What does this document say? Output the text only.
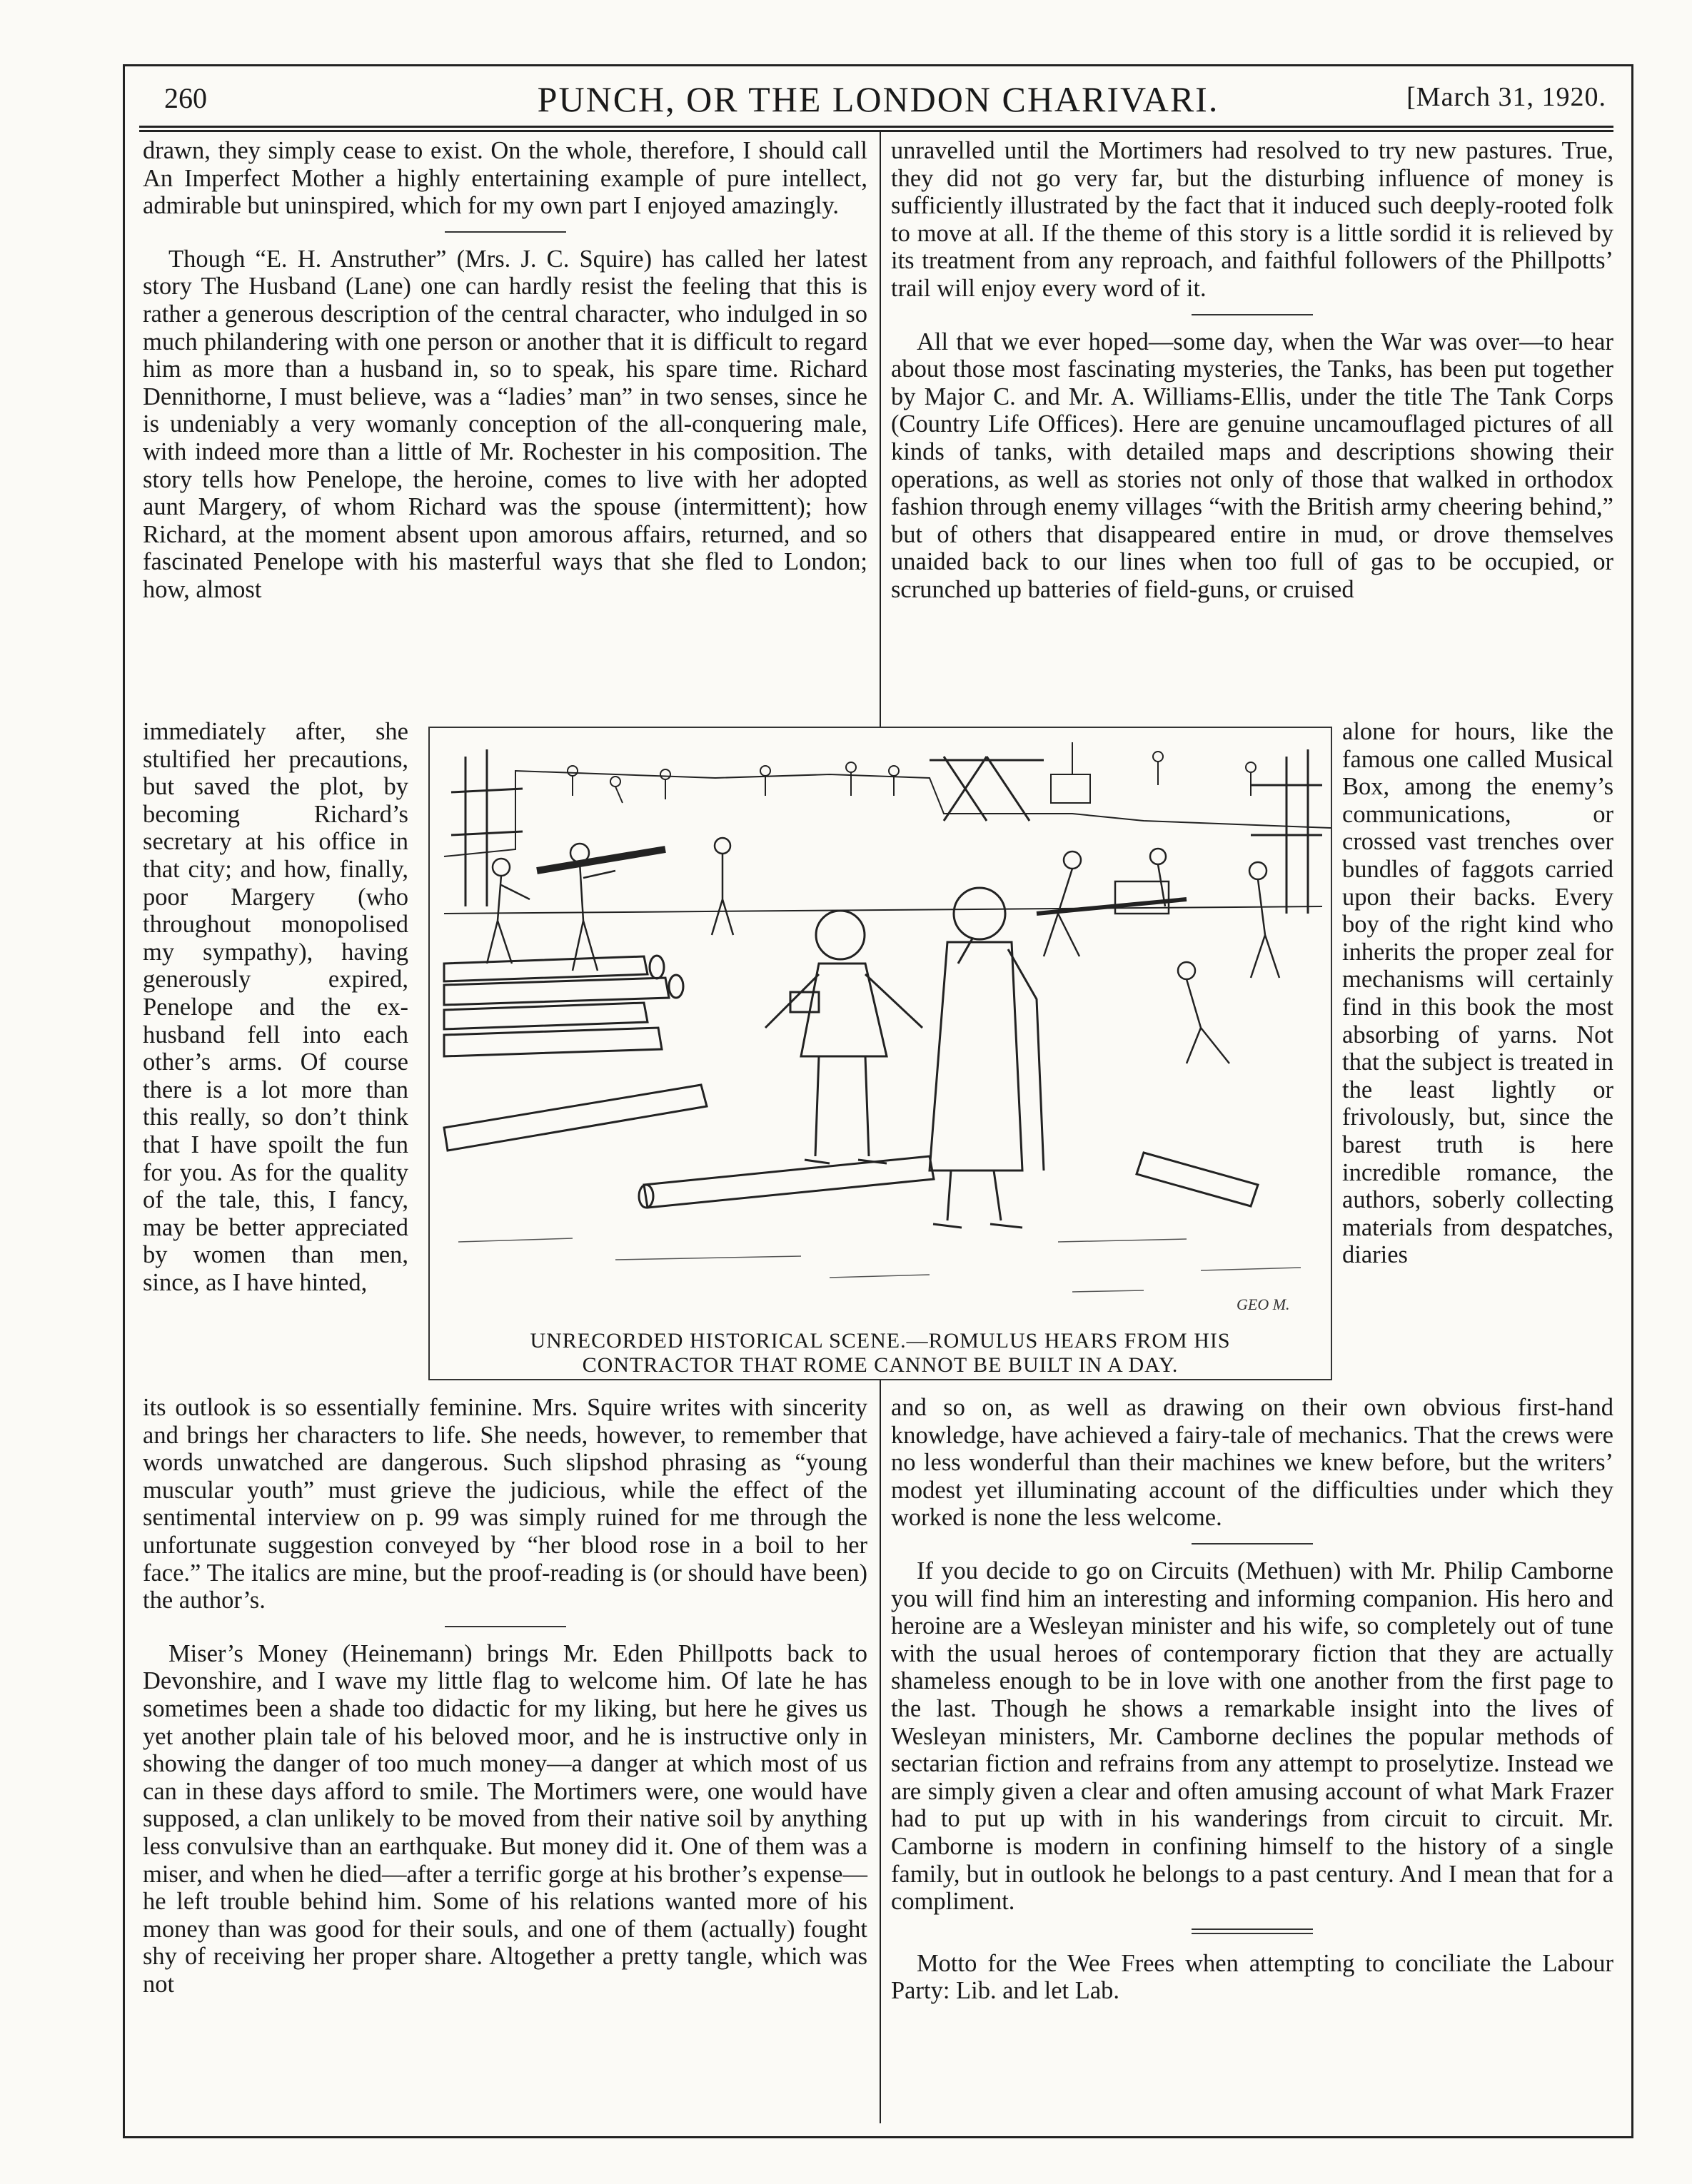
260	PUNCH, OR THE LONDON CHARIVARI.	[March 31, 1920.

drawn, they simply cease to exist. On the whole, therefore, I should call An Imperfect Mother a highly entertaining example of pure intellect, admirable but uninspired, which for my own part I enjoyed amazingly.

Though “E. H. Anstruther” (Mrs. J. C. Squire) has called her latest story The Husband (Lane) one can hardly resist the feeling that this is rather a generous description of the central character, who indulged in so much philandering with one person or another that it is difficult to regard him as more than a husband in, so to speak, his spare time. Richard Dennithorne, I must believe, was a “ladies’ man” in two senses, since he is undeniably a very womanly conception of the all-conquering male, with indeed more than a little of Mr. Rochester in his composition. The story tells how Penelope, the heroine, comes to live with her adopted aunt Margery, of whom Richard was the spouse (intermittent); how Richard, at the moment absent upon amorous affairs, returned, and so fascinated Penelope with his masterful ways that she fled to London; how, almost

immediately after, she stultified her precautions, but saved the plot, by becoming Richard’s secretary at his office in that city; and how, finally, poor Margery (who throughout monopolised my sympathy), having generously expired, Penelope and the ex-husband fell into each other’s arms. Of course there is a lot more than this really, so don’t think that I have spoilt the fun for you. As for the quality of the tale, this, I fancy, may be better appreciated by women than men, since, as I have hinted,

its outlook is so essentially feminine. Mrs. Squire writes with sincerity and brings her characters to life. She needs, however, to remember that words unwatched are dangerous. Such slipshod phrasing as “young muscular youth” must grieve the judicious, while the effect of the sentimental interview on p. 99 was simply ruined for me through the unfortunate suggestion conveyed by “her blood rose in a boil to her face.” The italics are mine, but the proof-reading is (or should have been) the author’s.

Miser’s Money (Heinemann) brings Mr. Eden Phillpotts back to Devonshire, and I wave my little flag to welcome him. Of late he has sometimes been a shade too didactic for my liking, but here he gives us yet another plain tale of his beloved moor, and he is instructive only in showing the danger of too much money—a danger at which most of us can in these days afford to smile. The Mortimers were, one would have supposed, a clan unlikely to be moved from their native soil by anything less convulsive than an earthquake. But money did it. One of them was a miser, and when he died—after a terrific gorge at his brother’s expense—he left trouble behind him. Some of his relations wanted more of his money than was good for their souls, and one of them (actually) fought shy of receiving her proper share. Altogether a pretty tangle, which was not

unravelled until the Mortimers had resolved to try new pastures. True, they did not go very far, but the disturbing influence of money is sufficiently illustrated by the fact that it induced such deeply-rooted folk to move at all. If the theme of this story is a little sordid it is relieved by its treatment from any reproach, and faithful followers of the Phillpotts’ trail will enjoy every word of it.

All that we ever hoped—some day, when the War was over—to hear about those most fascinating mysteries, the Tanks, has been put together by Major C. and Mr. A. Williams-Ellis, under the title The Tank Corps (Country Life Offices). Here are genuine uncamouflaged pictures of all kinds of tanks, with detailed maps and descriptions showing their operations, as well as stories not only of those that walked in orthodox fashion through enemy villages “with the British army cheering behind,” but of others that disappeared entire in mud, or drove themselves unaided back to our lines when too full of gas to be occupied, or scrunched up batteries of field-guns, or cruised

alone for hours, like the famous one called Musical Box, among the enemy’s communications, or crossed vast trenches over bundles of faggots carried upon their backs. Every boy of the right kind who inherits the proper zeal for mechanisms will certainly find in this book the most absorbing of yarns. Not that the subject is treated in the least lightly or frivolously, but, since the barest truth is here incredible romance, the authors, soberly collecting materials from despatches, diaries

and so on, as well as drawing on their own obvious first-hand knowledge, have achieved a fairy-tale of mechanics. That the crews were no less wonderful than their machines we knew before, but the writers’ modest yet illuminating account of the difficulties under which they worked is none the less welcome.

If you decide to go on Circuits (Methuen) with Mr. Philip Camborne you will find him an interesting and informing companion. His hero and heroine are a Wesleyan minister and his wife, so completely out of tune with the usual heroes of contemporary fiction that they are actually shameless enough to be in love with one another from the first page to the last. Though he shows a remarkable insight into the lives of Wesleyan ministers, Mr. Camborne declines the popular methods of sectarian fiction and refrains from any attempt to proselytize. Instead we are simply given a clear and often amusing account of what Mark Frazer had to put up with in his wanderings from circuit to circuit. Mr. Camborne is modern in confining himself to the history of a single family, but in outlook he belongs to a past century. And I mean that for a compliment.

Motto for the Wee Frees when attempting to conciliate the Labour Party: Lib. and let Lab.

GEO M.
UNRECORDED HISTORICAL SCENE.—ROMULUS HEARS FROM HIS
CONTRACTOR THAT ROME CANNOT BE BUILT IN A DAY.
